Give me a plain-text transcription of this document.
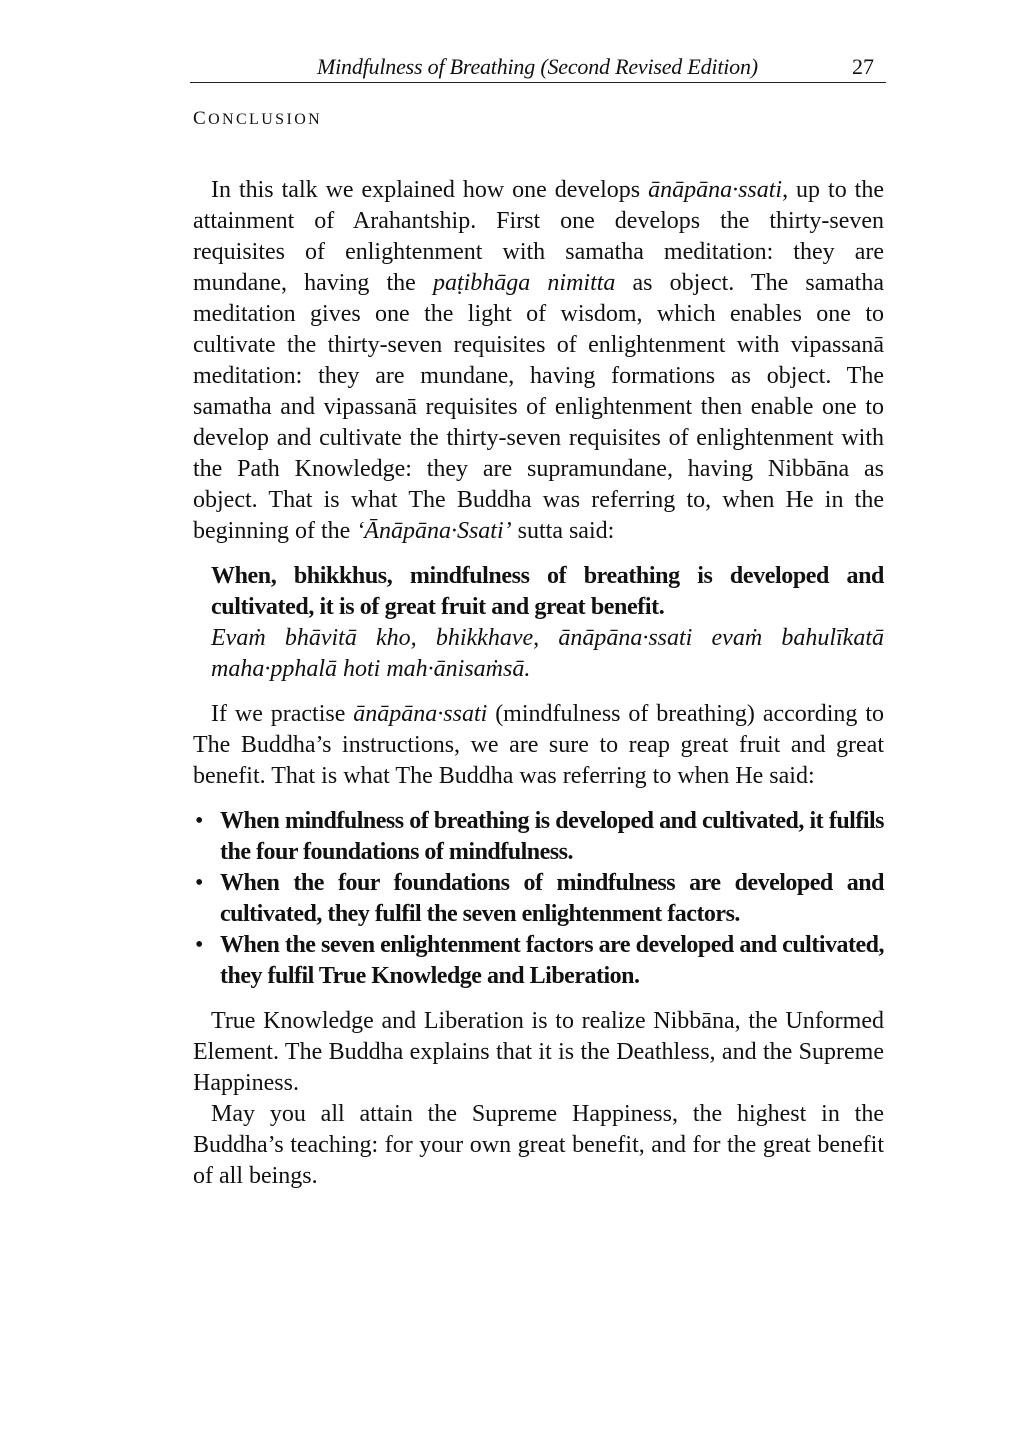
Mindfulness of Breathing (Second Revised Edition)	27
CONCLUSION

In this talk we explained how one develops ānāpāna·ssati, up to the attainment of Arahantship. First one develops the thirty-seven requisites of enlightenment with samatha meditation: they are mundane, having the paṭibhāga nimitta as object. The samatha meditation gives one the light of wisdom, which enables one to cultivate the thirty-seven requisites of enlightenment with vipassanā meditation: they are mundane, having formations as object. The samatha and vipassanā requisites of enlightenment then enable one to develop and cultivate the thirty-seven requisites of enlightenment with the Path Knowledge: they are supramundane, having Nibbāna as object. That is what The Buddha was referring to, when He in the beginning of the ‘Ānāpāna·Ssati’ sutta said:

When, bhikkhus, mindfulness of breathing is developed and cultivated, it is of great fruit and great benefit.

Evaṁ bhāvitā kho, bhikkhave, ānāpāna·ssati evaṁ bahulīkatā maha·pphalā hoti mah·ānisaṁsā.

If we practise ānāpāna·ssati (mindfulness of breathing) according to The Buddha’s instructions, we are sure to reap great fruit and great benefit. That is what The Buddha was referring to when He said:

• When mindfulness of breathing is developed and cultivated, it fulfils the four foundations of mindfulness.
• When the four foundations of mindfulness are developed and cultivated, they fulfil the seven enlightenment factors.
• When the seven enlightenment factors are developed and cultivated, they fulfil True Knowledge and Liberation.

True Knowledge and Liberation is to realize Nibbāna, the Unformed Element. The Buddha explains that it is the Deathless, and the Supreme Happiness.

May you all attain the Supreme Happiness, the highest in the Buddha’s teaching: for your own great benefit, and for the great benefit of all beings.
